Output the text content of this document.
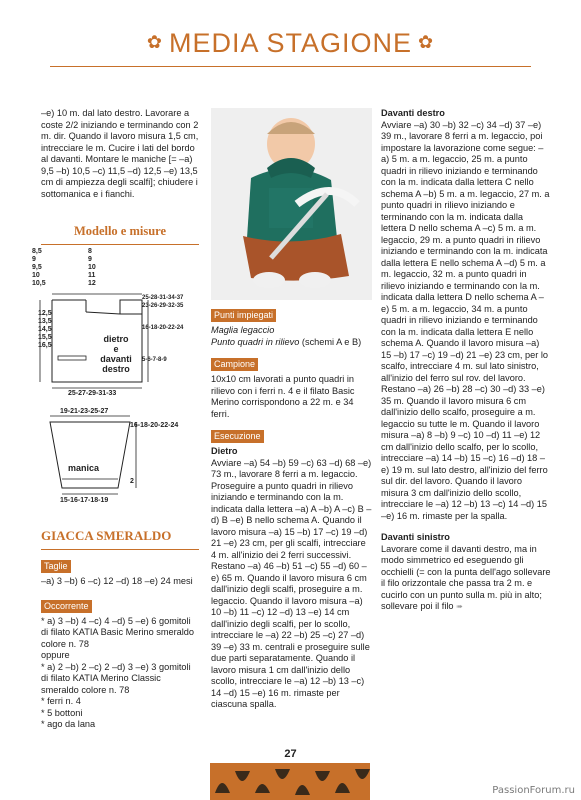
✿ MEDIA STAGIONE ✿

–e) 10 m. dal lato destro. Lavorare a coste 2/2 iniziando e terminando con 2 m. dir. Quando il lavoro misura 1,5 cm, intrecciare le m. Cucire i lati del bordo al davanti. Montare le maniche [= –a) 9,5 –b) 10,5 –c) 11,5 –d) 12,5 –e) 13,5 cm di ampiezza degli scalfi]; chiudere i sottomanica e i fianchi.

Modello e misure
8,5
9
9,5
10
10,5
8
9
10
11
12
25-28-31-34-37
23-26-29-32-35
16-18-20-22-24
5-6-7-8-9
12,5
13,5
14,5
15,5
16,5
dietro
e
davanti
destro
25-27-29-31-33
19-21-23-25-27
16-18-20-22-24
manica
2
15-16-17-18-19
GIACCA SMERALDO
Taglie

–a) 3 –b) 6 –c) 12 –d) 18 –e) 24 mesi

Occorrente

* a) 3 –b) 4 –c) 4 –d) 5 –e) 6 gomitoli di filato KATIA Basic Merino smeraldo colore n. 78

oppure

* a) 2 –b) 2 –c) 2 –d) 3 –e) 3 gomitoli di filato KATIA Merino Classic smeraldo colore n. 78

* ferri n. 4

* 5 bottoni

* ago da lana

Punti impiegati

Maglia legaccio

Punto quadri in rilievo (schemi A e B)

Campione

10x10 cm lavorati a punto quadri in rilievo con i ferri n. 4 e il filato Basic Merino corrispondono a 22 m. e 34 ferri.

Esecuzione

Dietro

Avviare –a) 54 –b) 59 –c) 63 –d) 68 –e) 73 m., lavorare 8 ferri a m. legaccio. Proseguire a punto quadri in rilievo iniziando e terminando con la m. indicata dalla lettera –a) A –b) A –c) B –d) B –e) B nello schema A. Quando il lavoro misura –a) 15 –b) 17 –c) 19 –d) 21 –e) 23 cm, per gli scalfi, intrecciare 4 m. all'inizio dei 2 ferri successivi. Restano –a) 46 –b) 51 –c) 55 –d) 60 –e) 65 m. Quando il lavoro misura 6 cm dall'inizio degli scalfi, proseguire a m. legaccio. Quando il lavoro misura –a) 10 –b) 11 –c) 12 –d) 13 –e) 14 cm dall'inizio degli scalfi, per lo scollo, intrecciare le –a) 22 –b) 25 –c) 27 –d) 39 –e) 33 m. centrali e proseguire sulle due parti separatamente. Quando il lavoro misura 1 cm dall'inizio dello scollo, intrecciare le –a) 12 –b) 13 –c) 14 –d) 15 –e) 16 m. rimaste per ciascuna spalla.

Davanti destro

Avviare –a) 30 –b) 32 –c) 34 –d) 37 –e) 39 m., lavorare 8 ferri a m. legaccio, poi impostare la lavorazione come segue: –a) 5 m. a m. legaccio, 25 m. a punto quadri in rilievo iniziando e terminando con la m. indicata dalla lettera C nello schema A –b) 5 m. a m. legaccio, 27 m. a punto quadri in rilievo iniziando e terminando con la m. indicata dalla lettera D nello schema A –c) 5 m. a m. legaccio, 29 m. a punto quadri in rilievo iniziando e terminando con la m. indicata dalla lettera E nello schema A –d) 5 m. a m. legaccio, 32 m. a punto quadri in rilievo iniziando e terminando con la m. indicata dalla lettera D nello schema A –e) 5 m. a m. legaccio, 34 m. a punto quadri in rilievo iniziando e terminando con la m. indicata dalla lettera E nello schema A. Quando il lavoro misura –a) 15 –b) 17 –c) 19 –d) 21 –e) 23 cm, per lo scalfo, intrecciare 4 m. sul lato sinistro, all'inizio del ferro sul rov. del lavoro. Restano –a) 26 –b) 28 –c) 30 –d) 33 –e) 35 m. Quando il lavoro misura 6 cm dall'inizio dello scalfo, proseguire a m. legaccio su tutte le m. Quando il lavoro misura –a) 8 –b) 9 –c) 10 –d) 11 –e) 12 cm dall'inizio dello scalfo, per lo scollo, intrecciare –a) 14 –b) 15 –c) 16 –d) 18 –e) 19 m. sul lato destro, all'inizio del ferro sul dir. del lavoro. Quando il lavoro misura 3 cm dall'inizio dello scollo, intrecciare le –a) 12 –b) 13 –c) 14 –d) 15 –e) 16 m. rimaste per la spalla.

Davanti sinistro

Lavorare come il davanti destro, ma in modo simmetrico ed eseguendo gli occhielli (= con la punta dell'ago sollevare il filo orizzontale che passa tra 2 m. e cucirlo con un punto sulla m. più in alto; sollevare poi il filo ➠

27
PassionForum.ru
